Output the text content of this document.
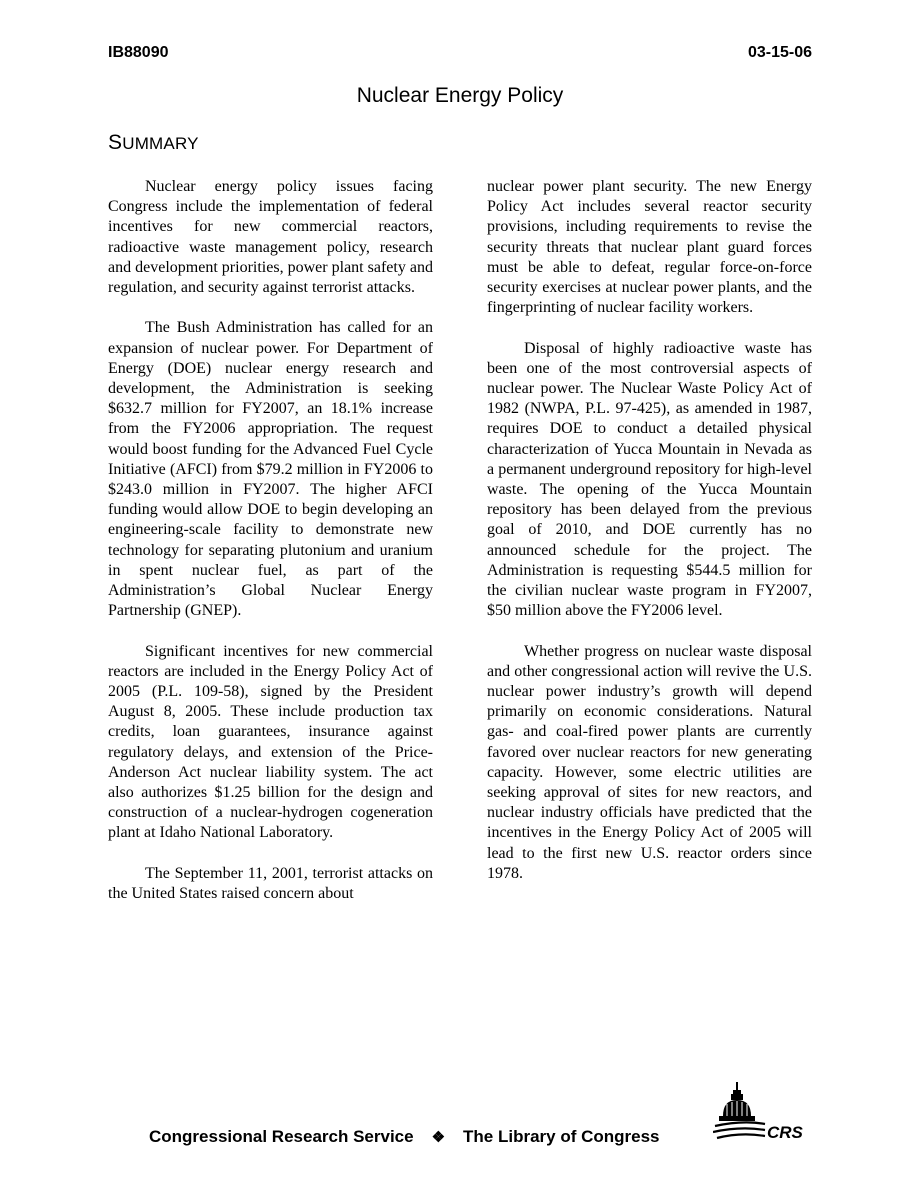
IB88090	03-15-06
Nuclear Energy Policy
SUMMARY

Nuclear energy policy issues facing Congress include the implementation of federal incentives for new commercial reactors, radioactive waste management policy, research and development priorities, power plant safety and regulation, and security against terrorist attacks.

The Bush Administration has called for an expansion of nuclear power. For Department of Energy (DOE) nuclear energy research and development, the Administration is seeking $632.7 million for FY2007, an 18.1% increase from the FY2006 appropriation. The request would boost funding for the Advanced Fuel Cycle Initiative (AFCI) from $79.2 million in FY2006 to $243.0 million in FY2007. The higher AFCI funding would allow DOE to begin developing an engineering-scale facility to demonstrate new technology for separating plutonium and uranium in spent nuclear fuel, as part of the Administration’s Global Nuclear Energy Partnership (GNEP).

Significant incentives for new commercial reactors are included in the Energy Policy Act of 2005 (P.L. 109-58), signed by the President August 8, 2005. These include production tax credits, loan guarantees, insurance against regulatory delays, and extension of the Price-Anderson Act nuclear liability system. The act also authorizes $1.25 billion for the design and construction of a nuclear-hydrogen cogeneration plant at Idaho National Laboratory.

The September 11, 2001, terrorist attacks on the United States raised concern about

nuclear power plant security. The new Energy Policy Act includes several reactor security provisions, including requirements to revise the security threats that nuclear plant guard forces must be able to defeat, regular force-on-force security exercises at nuclear power plants, and the fingerprinting of nuclear facility workers.

Disposal of highly radioactive waste has been one of the most controversial aspects of nuclear power. The Nuclear Waste Policy Act of 1982 (NWPA, P.L. 97-425), as amended in 1987, requires DOE to conduct a detailed physical characterization of Yucca Mountain in Nevada as a permanent underground repository for high-level waste. The opening of the Yucca Mountain repository has been delayed from the previous goal of 2010, and DOE currently has no announced schedule for the project. The Administration is requesting $544.5 million for the civilian nuclear waste program in FY2007, $50 million above the FY2006 level.

Whether progress on nuclear waste disposal and other congressional action will revive the U.S. nuclear power industry’s growth will depend primarily on economic considerations. Natural gas- and coal-fired power plants are currently favored over nuclear reactors for new generating capacity. However, some electric utilities are seeking approval of sites for new reactors, and nuclear industry officials have predicted that the incentives in the Energy Policy Act of 2005 will lead to the first new U.S. reactor orders since 1978.

Congressional Research Service ❖ The Library of Congress	CRS
